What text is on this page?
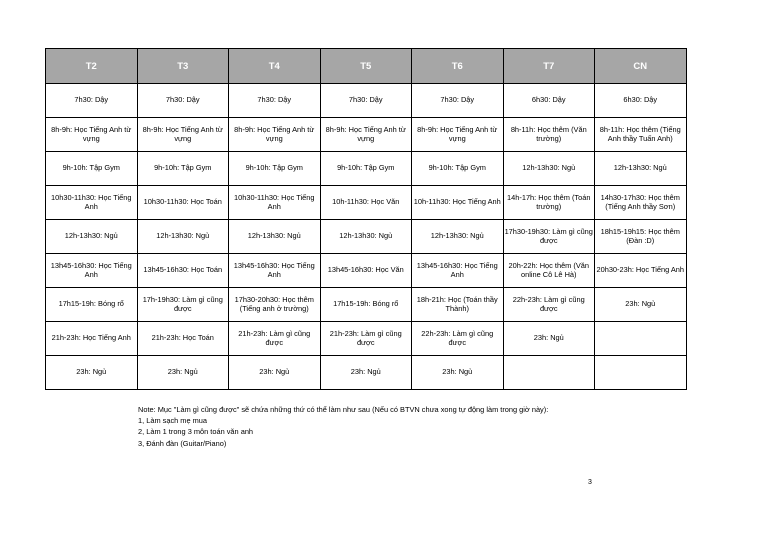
T2	T3	T4	T5	T6	T7	CN
7h30: Dậy	7h30: Dậy	7h30: Dậy	7h30: Dậy	7h30: Dậy	6h30: Dậy	6h30: Dậy
8h-9h: Học Tiếng Anh từ vựng	8h-9h: Học Tiếng Anh từ vựng	8h-9h: Học Tiếng Anh từ vựng	8h-9h: Học Tiếng Anh từ vựng	8h-9h: Học Tiếng Anh từ vựng	8h-11h: Học thêm (Văn trường)	8h-11h: Học thêm (Tiếng Anh thầy Tuấn Anh)
9h-10h: Tập Gym	9h-10h: Tập Gym	9h-10h: Tập Gym	9h-10h: Tập Gym	9h-10h: Tập Gym	12h-13h30: Ngủ	12h-13h30: Ngủ
10h30-11h30: Học Tiếng Anh	10h30-11h30: Học Toán	10h30-11h30: Học Tiếng Anh	10h-11h30: Học Văn	10h-11h30: Học Tiếng Anh	14h-17h: Học thêm (Toán trường)	14h30-17h30: Học thêm (Tiếng Anh thầy Sơn)
12h-13h30: Ngủ	12h-13h30: Ngủ	12h-13h30: Ngủ	12h-13h30: Ngủ	12h-13h30: Ngủ	17h30-19h30: Làm gì cũng được	18h15-19h15: Học thêm (Đàn :D)
13h45-16h30: Học Tiếng Anh	13h45-16h30: Học Toán	13h45-16h30: Học Tiếng Anh	13h45-16h30: Học Văn	13h45-16h30: Học Tiếng Anh	20h-22h: Học thêm (Văn online Cô Lê Hà)	20h30-23h: Học Tiếng Anh
17h15-19h: Bóng rổ	17h-19h30: Làm gì cũng được	17h30-20h30: Học thêm (Tiếng anh ở trường)	17h15-19h: Bóng rổ	18h-21h: Học (Toán thầy Thành)	22h-23h: Làm gì cũng được	23h: Ngủ
21h-23h: Học Tiếng Anh	21h-23h: Học Toán	21h-23h: Làm gì cũng được	21h-23h: Làm gì cũng được	22h-23h: Làm gì cũng được	23h: Ngủ	
23h: Ngủ	23h: Ngủ	23h: Ngủ	23h: Ngủ	23h: Ngủ		
Note: Mục "Làm gì cũng được" sẽ chứa những thứ có thể làm như sau (Nếu có BTVN chưa xong tự động làm trong giờ này):
1, Làm sạch mẹ mua
2, Làm 1 trong 3 môn toán văn anh
3, Đánh đàn (Guitar/Piano)
3
